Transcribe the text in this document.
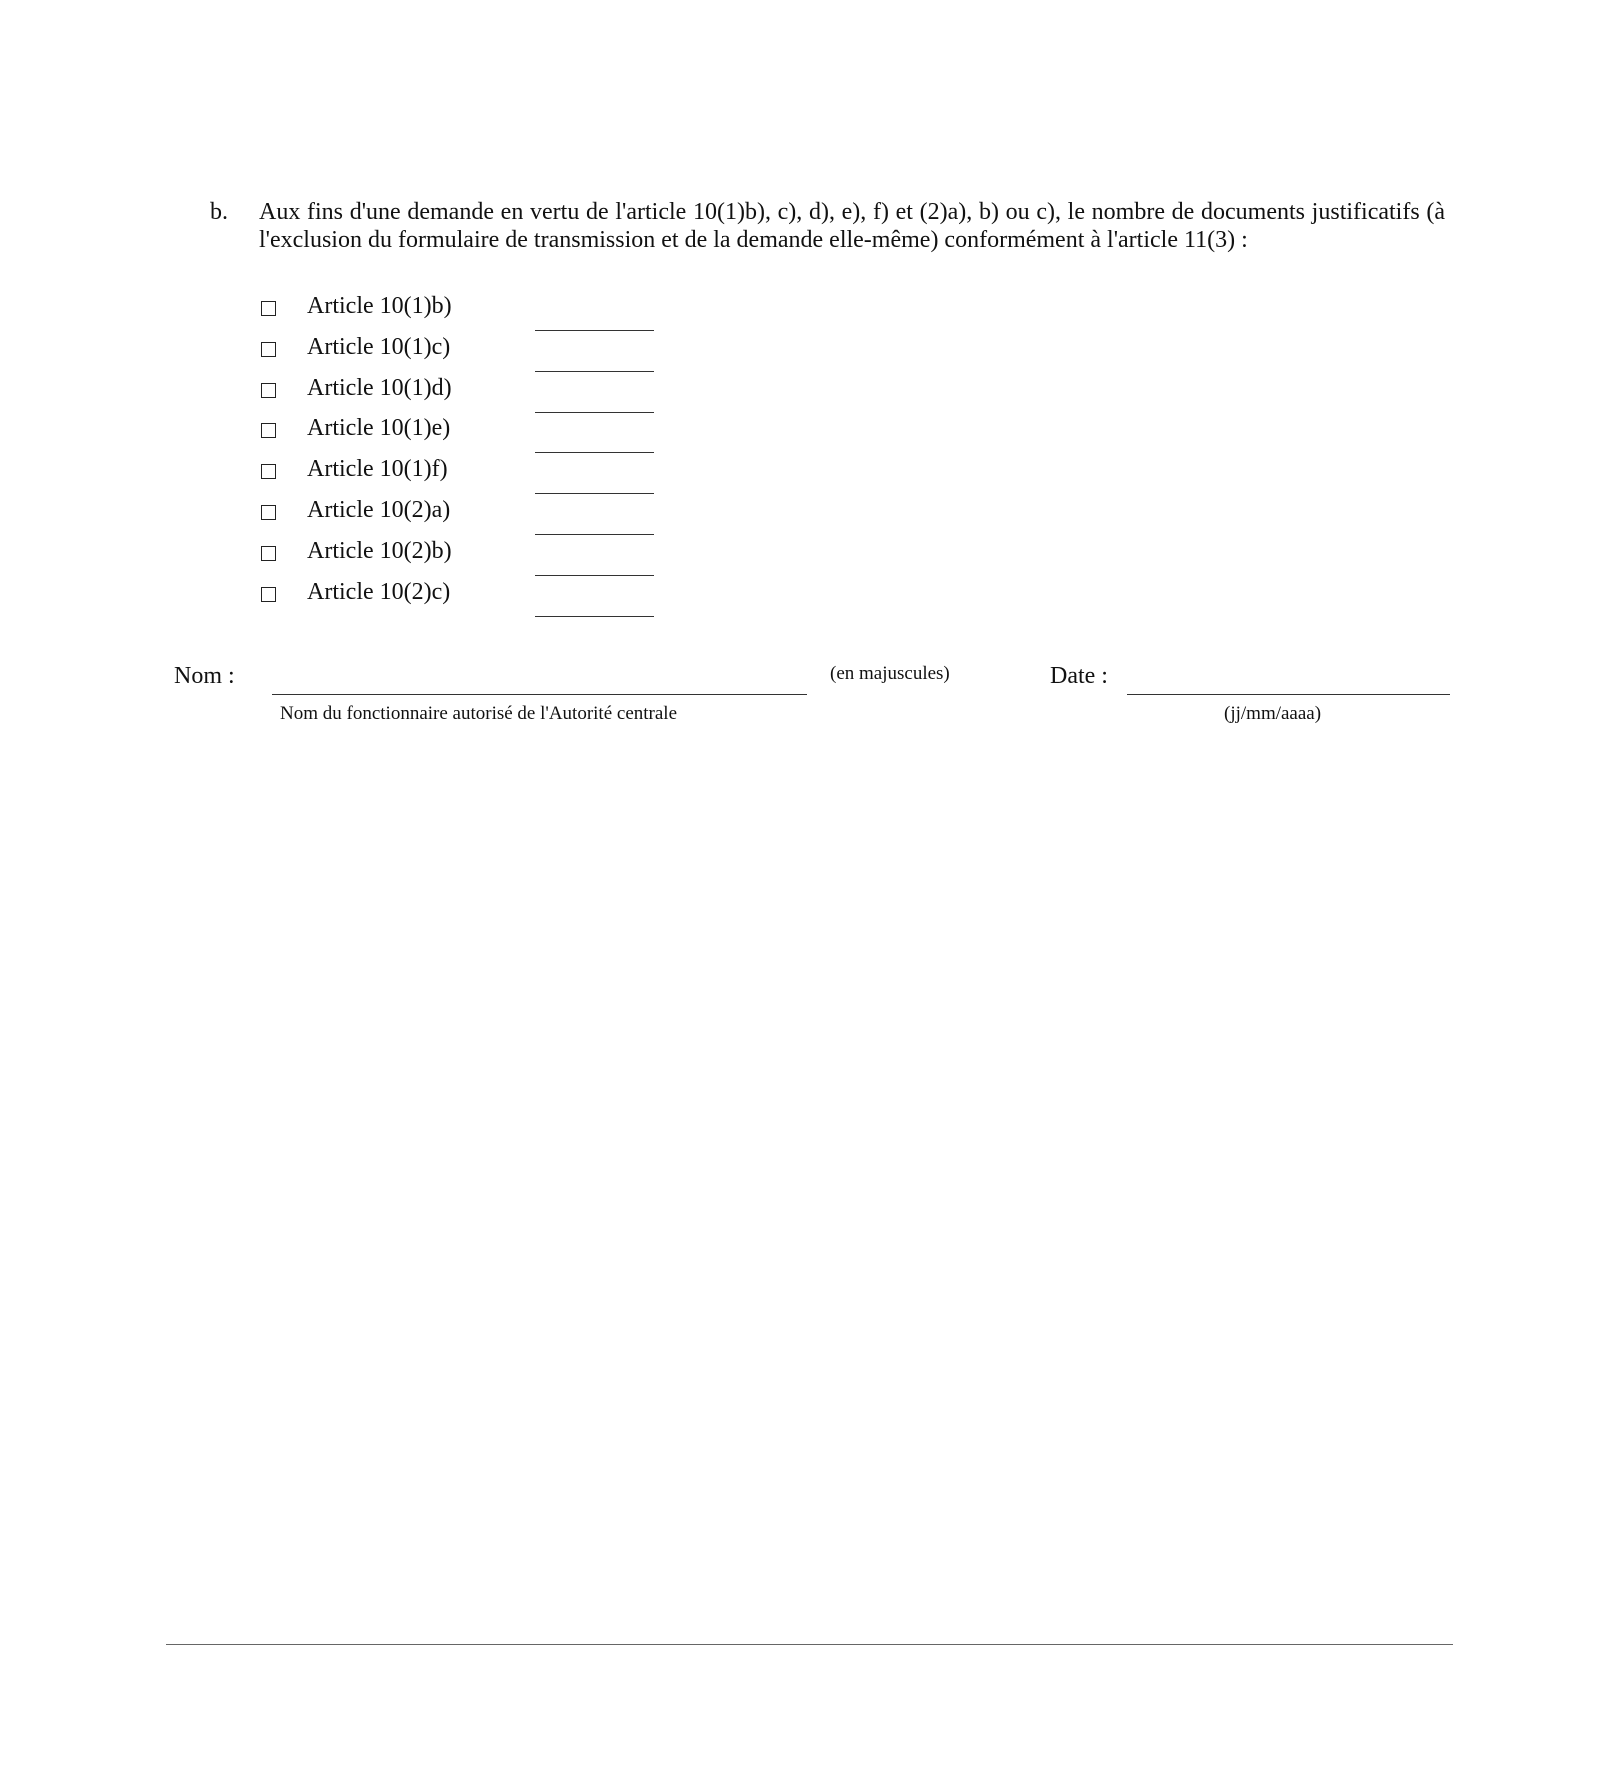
b. Aux fins d'une demande en vertu de l'article 10(1)b), c), d), e), f) et (2)a), b) ou c), le nombre de documents justificatifs (à l'exclusion du formulaire de transmission et de la demande elle-même) conformément à l'article 11(3) :
Article 10(1)b)
Article 10(1)c)
Article 10(1)d)
Article 10(1)e)
Article 10(1)f)
Article 10(2)a)
Article 10(2)b)
Article 10(2)c)
Nom :	(en majuscules)
Nom du fonctionnaire autorisé de l'Autorité centrale
Date :
(jj/mm/aaaa)
